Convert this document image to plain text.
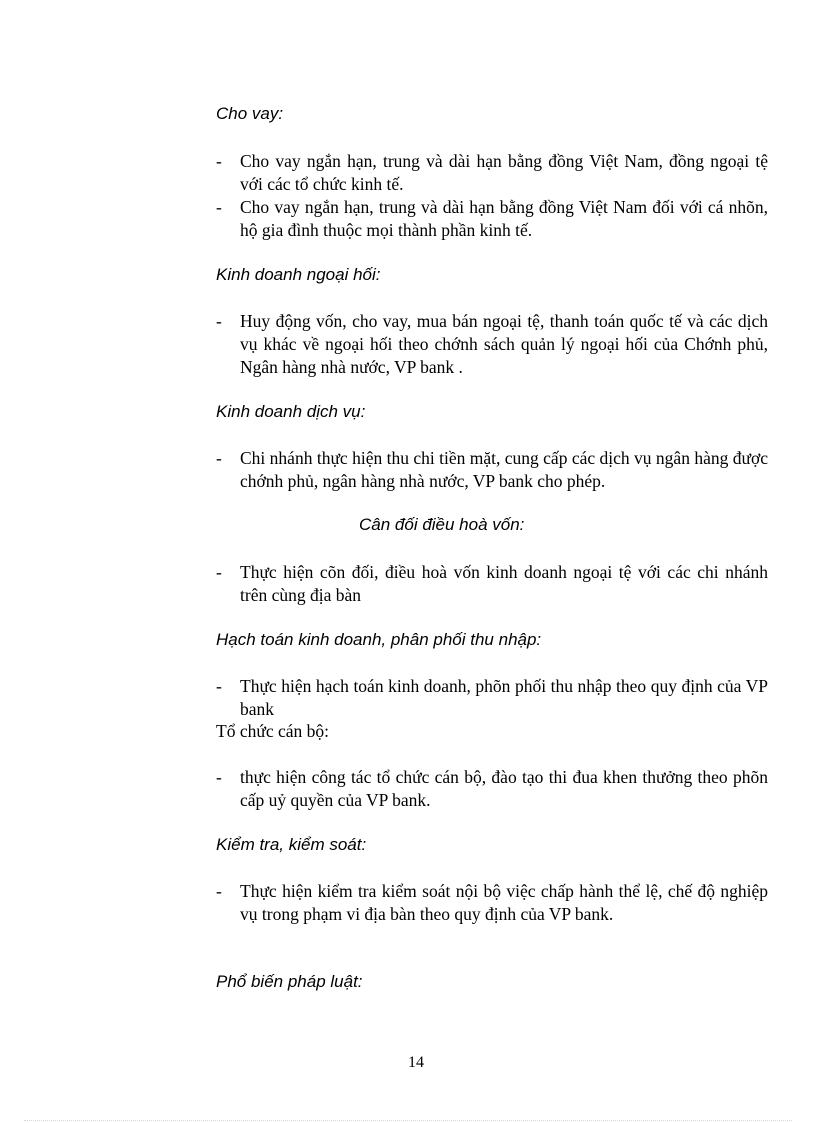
Cho vay:
- Cho vay ngắn hạn, trung và dài hạn bằng đồng Việt Nam, đồng ngoại tệ với các tổ chức kinh tế.
- Cho vay ngắn hạn, trung và dài hạn bằng đồng Việt Nam đối với cá nhõn, hộ gia đình thuộc mọi thành phần kinh tế.
Kinh doanh ngoại hối:
- Huy động vốn, cho vay, mua bán ngoại tệ, thanh toán quốc tế và các dịch vụ khác về ngoại hối theo chớnh sách quản lý ngoại hối của Chớnh phủ, Ngân hàng nhà nước, VP bank .
Kinh doanh dịch vụ:
- Chi nhánh thực hiện thu chi tiền mặt, cung cấp các dịch vụ ngân hàng được chớnh phủ, ngân hàng nhà nước, VP bank cho phép.
Cân đối điều hoà vốn:
- Thực hiện cõn đối, điều hoà vốn kinh doanh ngoại tệ với các chi nhánh trên cùng địa bàn
Hạch toán kinh doanh, phân phối thu nhập:
- Thực hiện hạch toán kinh doanh, phõn phối thu nhập theo quy định của VP bank
Tổ chức cán bộ:
- thực hiện công tác tổ chức cán bộ, đào tạo thi đua khen thưởng theo phõn cấp uỷ quyền của VP bank.
Kiểm tra, kiểm soát:
- Thực hiện kiểm tra kiểm soát nội bộ việc chấp hành thể lệ, chế độ nghiệp vụ trong phạm vi địa bàn theo quy định của VP bank.
Phổ biến pháp luật:
14
